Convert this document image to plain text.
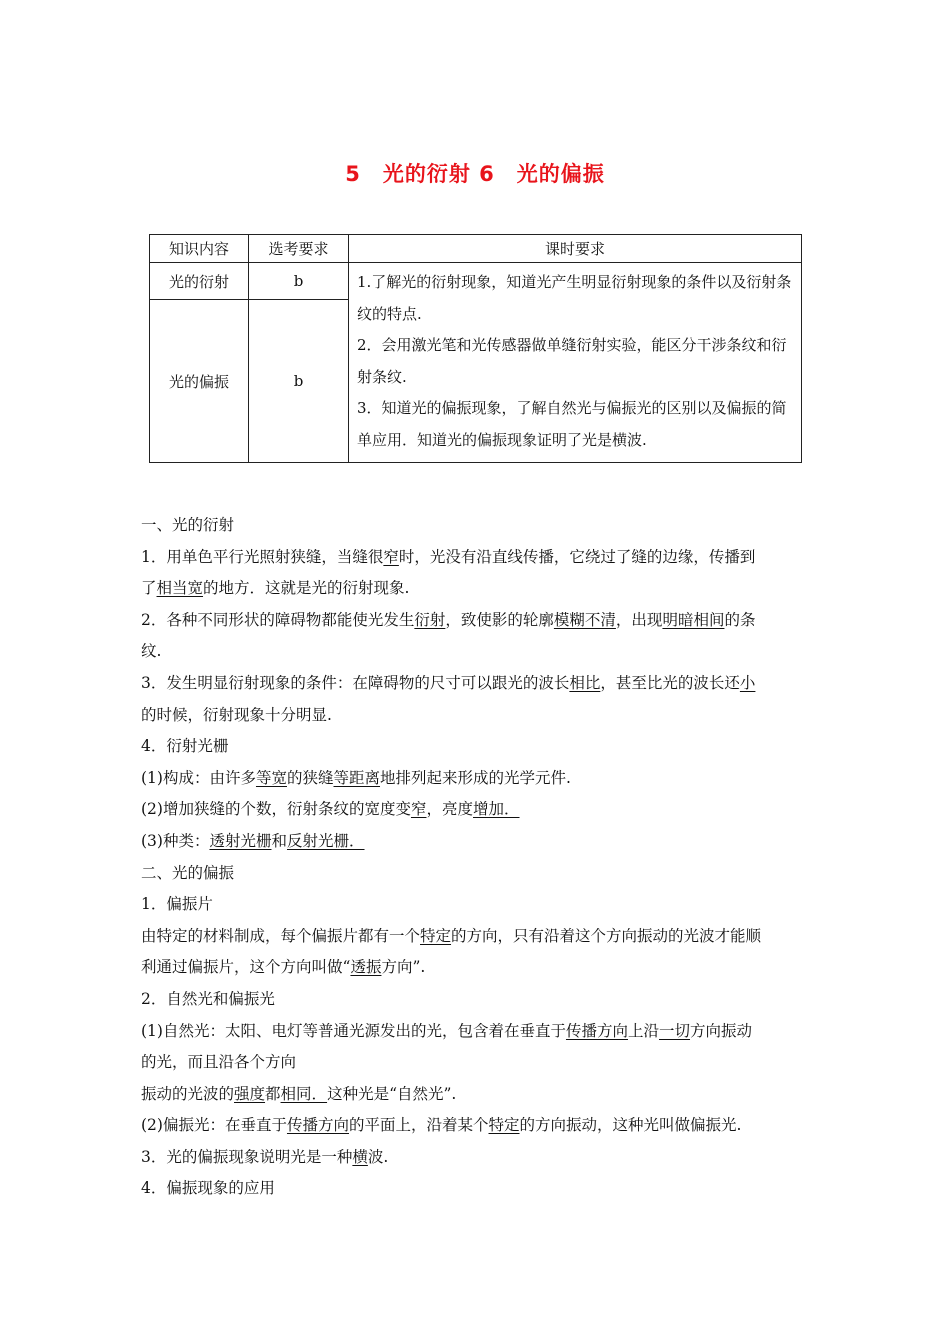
5　光的衍射 6　光的偏振
知识内容	选考要求	课时要求
光的衍射	b	1.了解光的衍射现象，知道光产生明显衍射现象的条件以及衍射条纹的特点.
2．会用激光笔和光传感器做单缝衍射实验，能区分干涉条纹和衍射条纹.
3．知道光的偏振现象，了解自然光与偏振光的区别以及偏振的简单应用．知道光的偏振现象证明了光是横波.

光的偏振	b	

一、光的衍射

1．用单色平行光照射狭缝，当缝很窄时，光没有沿直线传播，它绕过了缝的边缘，传播到

了相当宽的地方．这就是光的衍射现象.

2．各种不同形状的障碍物都能使光发生衍射，致使影的轮廓模糊不清，出现明暗相间的条

纹.

3．发生明显衍射现象的条件：在障碍物的尺寸可以跟光的波长相比，甚至比光的波长还小

的时候，衍射现象十分明显.

4．衍射光栅

(1)构成：由许多等宽的狭缝等距离地排列起来形成的光学元件.

(2)增加狭缝的个数，衍射条纹的宽度变窄，亮度增加．

(3)种类：透射光栅和反射光栅．

二、光的偏振

1．偏振片

由特定的材料制成，每个偏振片都有一个特定的方向，只有沿着这个方向振动的光波才能顺

利通过偏振片，这个方向叫做“透振方向”.

2．自然光和偏振光

(1)自然光：太阳、电灯等普通光源发出的光，包含着在垂直于传播方向上沿一切方向振动

的光，而且沿各个方向

振动的光波的强度都相同．这种光是“自然光”.

(2)偏振光：在垂直于传播方向的平面上，沿着某个特定的方向振动，这种光叫做偏振光.

3．光的偏振现象说明光是一种横波.

4．偏振现象的应用
